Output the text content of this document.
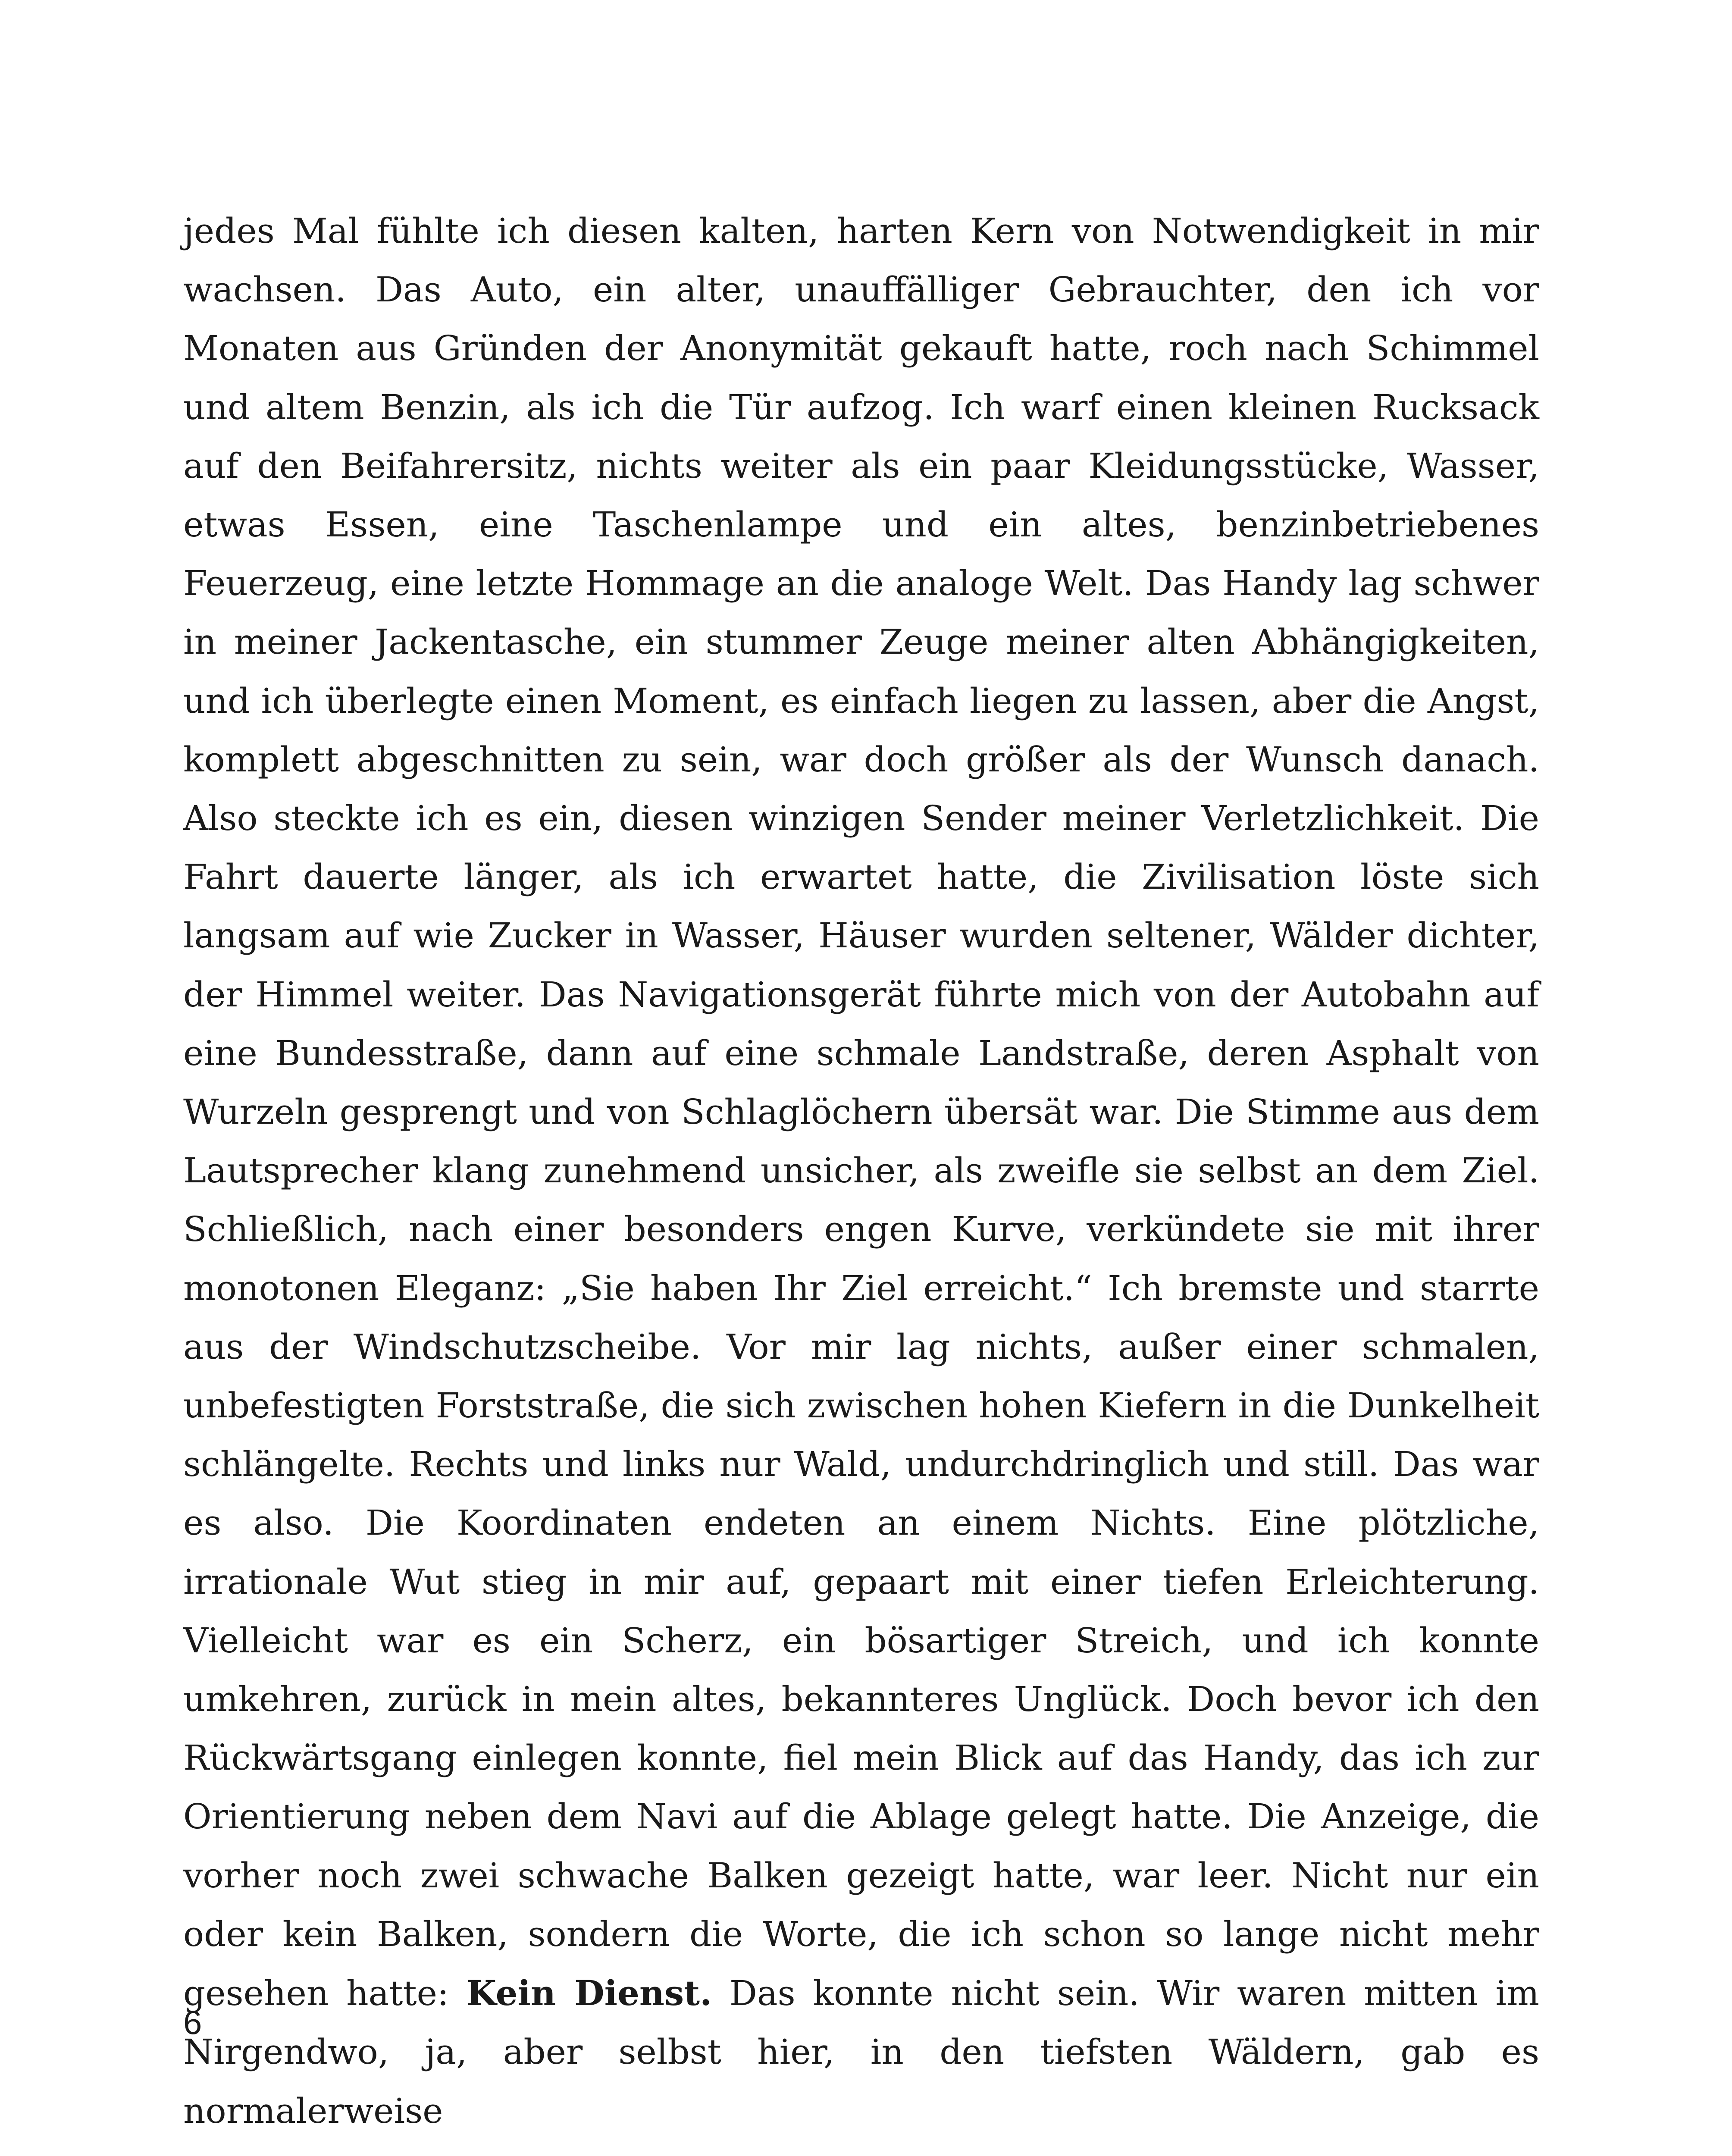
jedes Mal fühlte ich diesen kalten, harten Kern von Notwendigkeit in mir wachsen. Das Auto, ein alter, unauffälliger Gebrauchter, den ich vor Monaten aus Gründen der Anonymität gekauft hatte, roch nach Schimmel und altem Benzin, als ich die Tür aufzog. Ich warf einen kleinen Rucksack auf den Beifahrersitz, nichts weiter als ein paar Kleidungsstücke, Wasser, etwas Essen, eine Taschenlampe und ein altes, benzinbetriebenes Feuerzeug, eine letzte Hommage an die analoge Welt. Das Handy lag schwer in meiner Jackentasche, ein stummer Zeuge meiner alten Abhängigkeiten, und ich überlegte einen Moment, es einfach liegen zu lassen, aber die Angst, komplett abgeschnitten zu sein, war doch größer als der Wunsch danach. Also steckte ich es ein, diesen winzigen Sender meiner Verletzlichkeit. Die Fahrt dauerte länger, als ich erwartet hatte, die Zivilisation löste sich langsam auf wie Zucker in Wasser, Häuser wurden seltener, Wälder dichter, der Himmel weiter. Das Navigationsgerät führte mich von der Autobahn auf eine Bundesstraße, dann auf eine schmale Landstraße, deren Asphalt von Wurzeln gesprengt und von Schlaglöchern übersät war. Die Stimme aus dem Lautsprecher klang zunehmend unsicher, als zweifle sie selbst an dem Ziel. Schließlich, nach einer besonders engen Kurve, verkündete sie mit ihrer monotonen Eleganz: „Sie haben Ihr Ziel erreicht.“ Ich bremste und starrte aus der Windschutzscheibe. Vor mir lag nichts, außer einer schmalen, unbefestigten Forststraße, die sich zwischen hohen Kiefern in die Dunkelheit schlängelte. Rechts und links nur Wald, undurchdringlich und still. Das war es also. Die Koordinaten endeten an einem Nichts. Eine plötzliche, irrationale Wut stieg in mir auf, gepaart mit einer tiefen Erleichterung. Vielleicht war es ein Scherz, ein bösartiger Streich, und ich konnte umkehren, zurück in mein altes, bekannteres Unglück. Doch bevor ich den Rückwärtsgang einlegen konnte, fiel mein Blick auf das Handy, das ich zur Orientierung neben dem Navi auf die Ablage gelegt hatte. Die Anzeige, die vorher noch zwei schwache Balken gezeigt hatte, war leer. Nicht nur ein oder kein Balken, sondern die Worte, die ich schon so lange nicht mehr gesehen hatte: Kein Dienst. Das konnte nicht sein. Wir waren mitten im Nirgendwo, ja, aber selbst hier, in den tiefsten Wäldern, gab es normalerweise

6
